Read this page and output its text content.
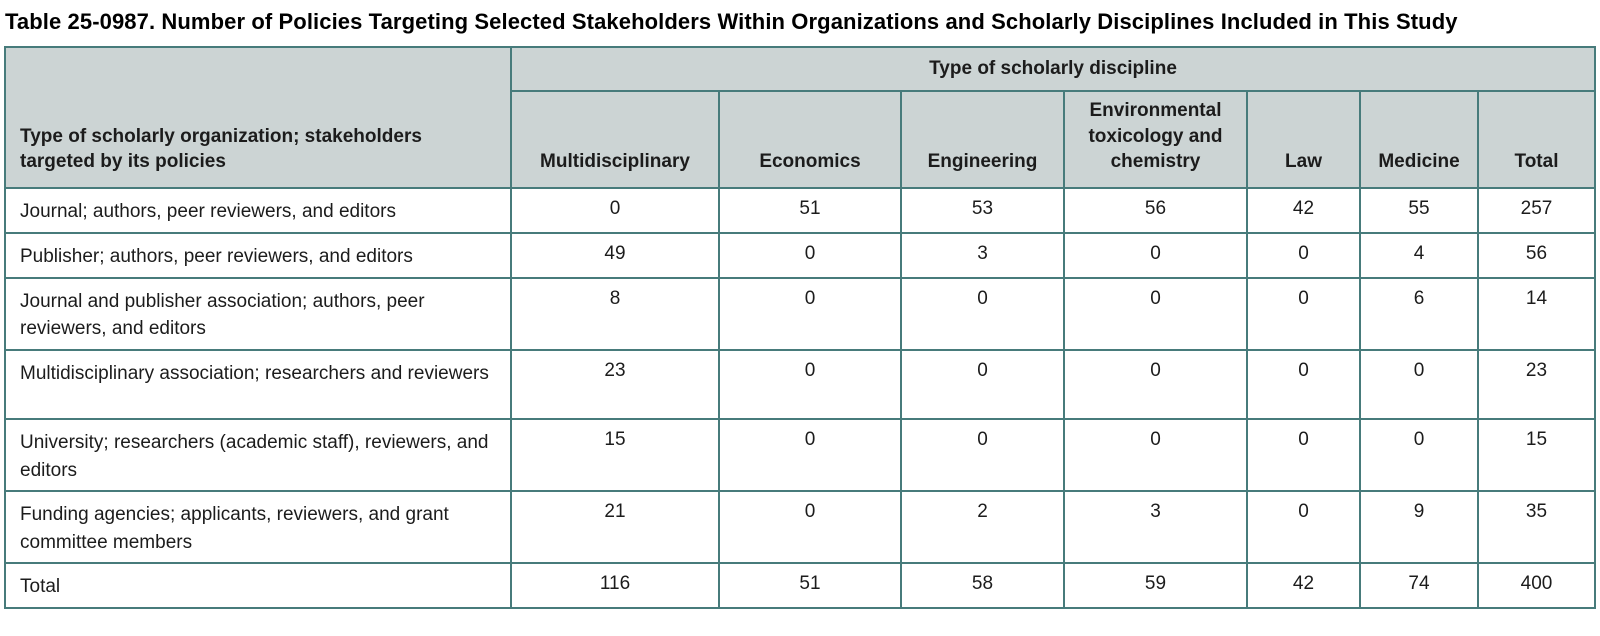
Table 25-0987. Number of Policies Targeting Selected Stakeholders Within Organizations and Scholarly Disciplines Included in This Study
Type of scholarly organization; stakeholders targeted by its policies	Type of scholarly discipline						
	Multidisciplinary	Economics	Engineering	Environmental toxicology and chemistry	Law	Medicine	Total
Journal; authors, peer reviewers, and editors	0	51	53	56	42	55	257
Publisher; authors, peer reviewers, and editors	49	0	3	0	0	4	56
Journal and publisher association; authors, peer reviewers, and editors	8	0	0	0	0	6	14
Multidisciplinary association; researchers and reviewers	23	0	0	0	0	0	23
University; researchers (academic staff), reviewers, and editors	15	0	0	0	0	0	15
Funding agencies; applicants, reviewers, and grant committee members	21	0	2	3	0	9	35
Total	116	51	58	59	42	74	400
